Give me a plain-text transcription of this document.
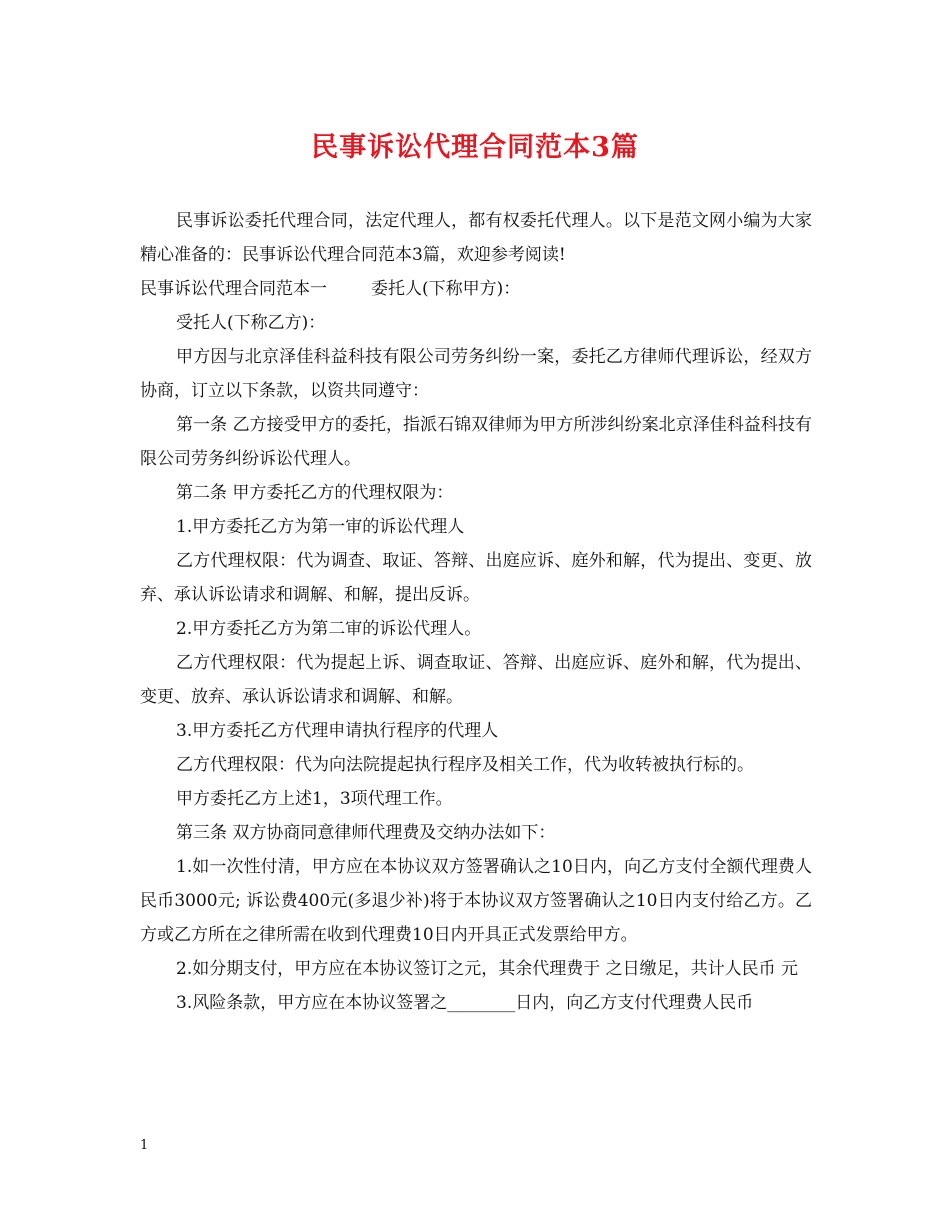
民事诉讼代理合同范本3篇

民事诉讼委托代理合同，法定代理人，都有权委托代理人。以下是范文网小编为大家精心准备的：民事诉讼代理合同范本3篇，欢迎参考阅读!

民事诉讼代理合同范本一	委托人(下称甲方)：

受托人(下称乙方)：

甲方因与北京泽佳科益科技有限公司劳务纠纷一案，委托乙方律师代理诉讼，经双方协商，订立以下条款，以资共同遵守：

第一条 乙方接受甲方的委托，指派石锦双律师为甲方所涉纠纷案北京泽佳科益科技有限公司劳务纠纷诉讼代理人。

第二条 甲方委托乙方的代理权限为：

1.甲方委托乙方为第一审的诉讼代理人

乙方代理权限：代为调查、取证、答辩、出庭应诉、庭外和解，代为提出、变更、放弃、承认诉讼请求和调解、和解，提出反诉。

2.甲方委托乙方为第二审的诉讼代理人。

乙方代理权限：代为提起上诉、调查取证、答辩、出庭应诉、庭外和解，代为提出、变更、放弃、承认诉讼请求和调解、和解。

3.甲方委托乙方代理申请执行程序的代理人

乙方代理权限：代为向法院提起执行程序及相关工作，代为收转被执行标的。

甲方委托乙方上述1，3项代理工作。

第三条 双方协商同意律师代理费及交纳办法如下：

1.如一次性付清，甲方应在本协议双方签署确认之10日内，向乙方支付全额代理费人民币3000元; 诉讼费400元(多退少补)将于本协议双方签署确认之10日内支付给乙方。乙方或乙方所在之律所需在收到代理费10日内开具正式发票给甲方。

2.如分期支付，甲方应在本协议签订之元，其余代理费于 之日缴足，共计人民币 元

3.风险条款，甲方应在本协议签署之________日内，向乙方支付代理费人民币

1
